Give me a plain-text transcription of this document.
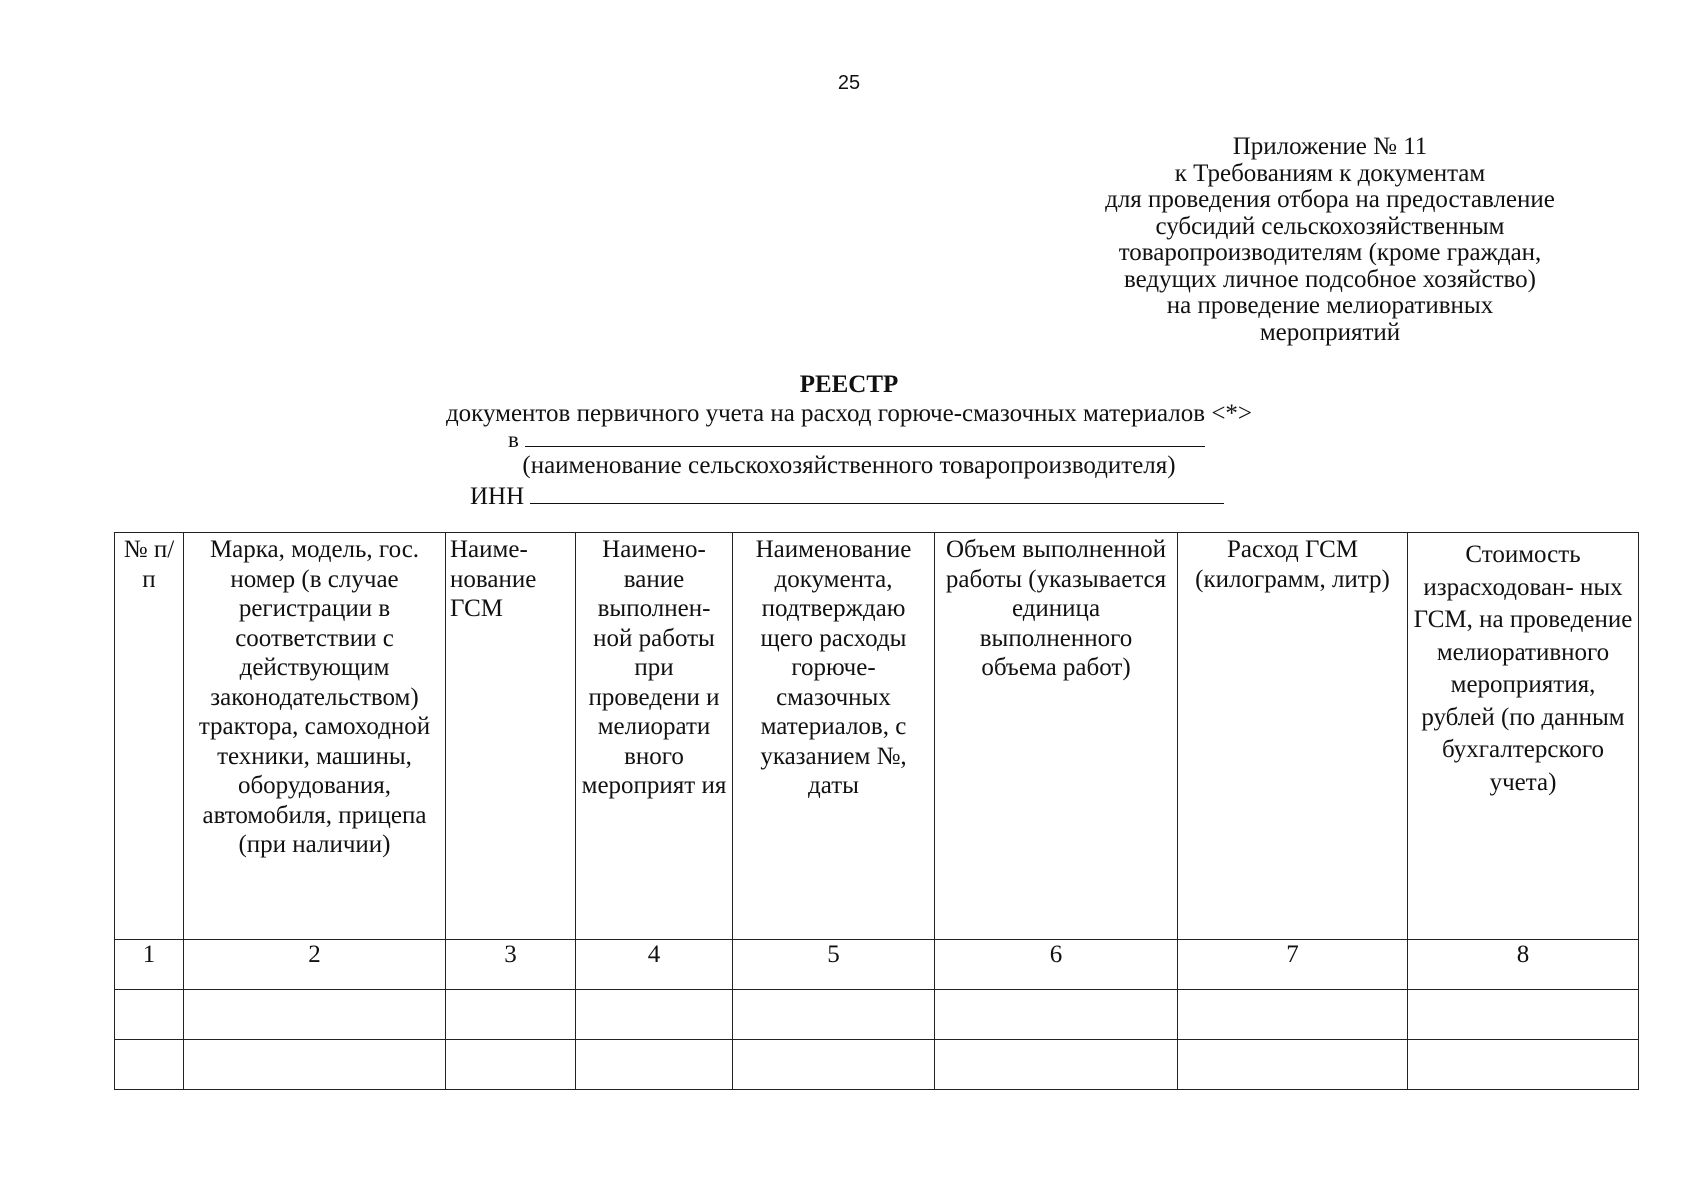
25
Приложение № 11
к Требованиям к документам
для проведения отбора на предоставление
субсидий сельскохозяйственным
товаропроизводителям (кроме граждан,
ведущих личное подсобное хозяйство)
на проведение мелиоративных
мероприятий
РЕЕСТР
документов первичного учета на расход горюче-смазочных материалов <*>
в
(наименование сельскохозяйственного товаропроизводителя)
ИНН
№ п/п	Марка, модель, гос. номер (в случае регистрации в соответствии с действующим законодательством) трактора, самоходной техники, машины, оборудования, автомобиля, прицепа (при наличии)	Наиме- нование ГСМ	Наимено- вание выполнен- ной работы при проведени и мелиорати вного мероприят ия	Наименование документа, подтверждаю щего расходы горюче- смазочных материалов, с указанием №, даты	Объем выполненной работы (указывается единица выполненного объема работ)	Расход ГСМ (килограмм, литр)	Стоимость израсходован- ных ГСМ, на проведение мелиоративного мероприятия, рублей (по данным бухгалтерского учета)
1	2	3	4	5	6	7	8
